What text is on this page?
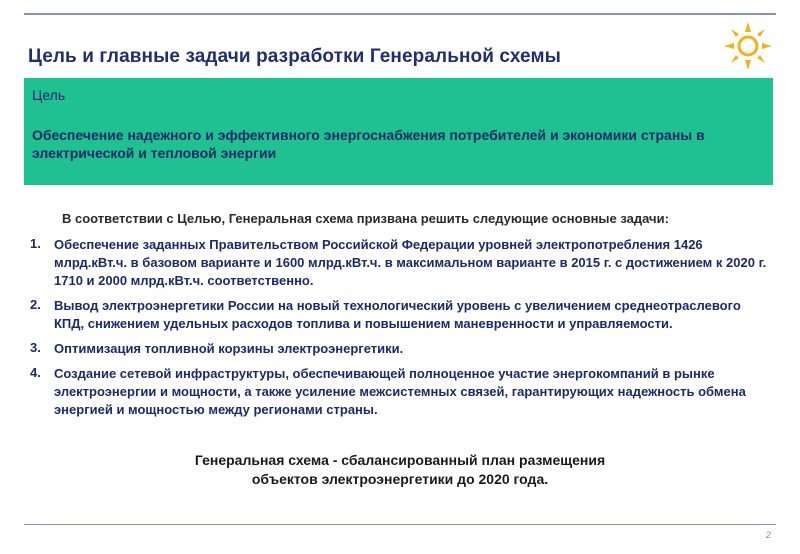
Цель и главные задачи разработки Генеральной схемы
Цель
Обеспечение надежного и эффективного энергоснабжения потребителей и экономики страны в электрической и тепловой энергии
В соответствии с Целью, Генеральная схема призвана решить следующие основные задачи:
1. Обеспечение заданных Правительством Российской Федерации уровней электропотребления 1426 млрд.кВт.ч. в базовом варианте и 1600 млрд.кВт.ч. в максимальном варианте в 2015 г. с достижением к 2020 г. 1710 и 2000 млрд.кВт.ч. соответственно.
2. Вывод электроэнергетики России на новый технологический уровень с увеличением среднеотраслевого КПД, снижением удельных расходов топлива и повышением маневренности и управляемости.
3. Оптимизация топливной корзины электроэнергетики.
4. Создание сетевой инфраструктуры, обеспечивающей полноценное участие энергокомпаний в рынке электроэнергии и мощности, а также усиление межсистемных связей, гарантирующих надежность обмена энергией и мощностью между регионами страны.
Генеральная схема - сбалансированный план размещения
объектов электроэнергетики до 2020 года.
2
